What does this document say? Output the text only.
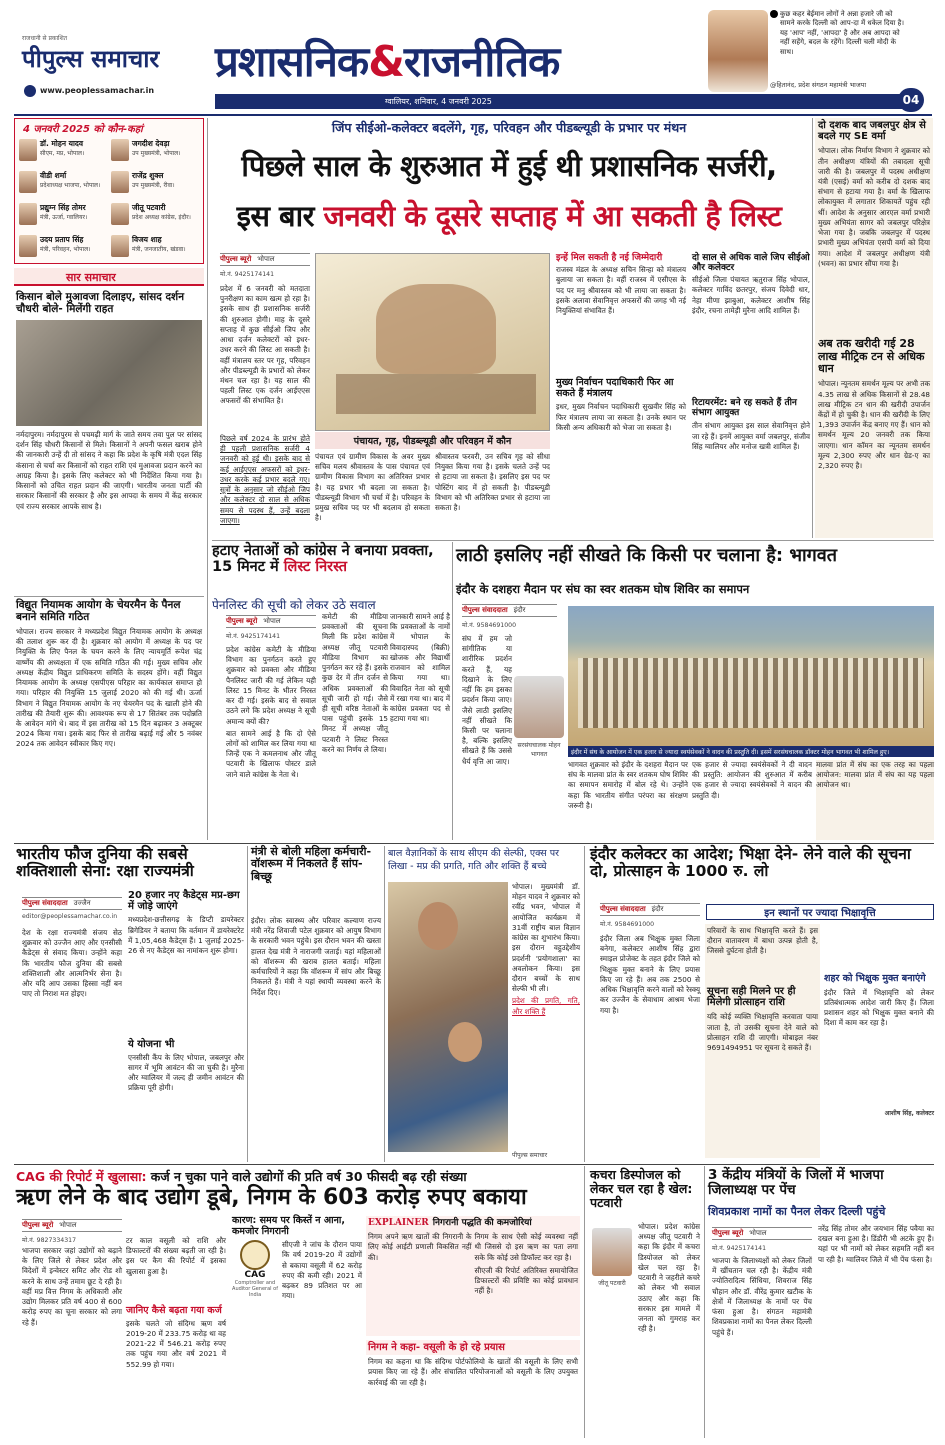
राजधानी से प्रकाशित
पीपुल्स समाचार
www.peoplessamachar.in
प्रशासनिक&राजनीतिक
ग्वालियर, शनिवार, 4 जनवरी 2025	04
कुछ कहर बेईमान लोगों ने अन्ना हजारे जी को सामने करके दिल्ली को आप-दा में धकेल दिया है। यह 'आप' नहीं, 'आपदा' है और अब आपदा को नहीं सहेंगे, बदल के रहेंगे। दिल्ली चली मोदी के साथ।
@हितानंद, प्रदेश संगठन महामंत्री भाजपा
4 जनवरी 2025 को कौन-कहां
डॉ. मोहन यादव
सीएम, मप्र, भोपाल।
जगदीश देवड़ा
उप मुख्यमंत्री, भोपाल।
वीडी शर्मा
प्रदेशाध्यक्ष भाजपा, भोपाल।
राजेंद्र शुक्ल
उप मुख्यमंत्री, रीवा।
प्रद्युम्न सिंह तोमर
मंत्री, ऊर्जा, ग्वालियर।
जीतू पटवारी
प्रदेश अध्यक्ष कांग्रेस, इंदौर।
उदय प्रताप सिंह
मंत्री, परिवहन, भोपाल।
विजय शाह
मंत्री, जनजातीय, खंडवा।
सार समाचार
किसान बोले मुआवजा दिलाइए, सांसद दर्शन चौधरी बोले- मिलेंगी राहत
नर्मदापुरम। नर्मदापुरम से पचमढ़ी मार्ग के जाते समय तवा पुल पर सांसद दर्शन सिंह चौधरी किसानों से मिले। किसानों ने अपनी फसल खराब होने की जानकारी उन्हें दी तो सांसद ने कहा कि प्रदेश के कृषि मंत्री एदल सिंह कंसाना से चर्चा कर किसानों को राहत राशि एवं मुआवजा प्रदान करने का आग्रह किया है। इसके लिए कलेक्टर को भी निर्देशित किया गया है। किसानों को उचित राहत प्रदान की जाएगी। भारतीय जनता पार्टी की सरकार किसानों की सरकार है और इस आपदा के समय में केंद्र सरकार एवं राज्य सरकार आपके साथ है।
विद्युत नियामक आयोग के चेयरमैन के पैनल बनाने समिति गठित
भोपाल। राज्य सरकार ने मध्यप्रदेश विद्युत नियामक आयोग के अध्यक्ष की तलाश शुरू कर दी है। शुक्रवार को आयोग में अध्यक्ष के पद पर नियुक्ति के लिए पैनल के चयन करने के लिए न्यायमूर्ति रूपेश चंद्र वार्ष्णेय की अध्यक्षता में एक समिति गठित की गई। मुख्य सचिव और अध्यक्ष केंद्रीय विद्युत प्राधिकरण समिति के सदस्य होंगे। वहीं विद्युत नियामक आयोग के अध्यक्ष एसपीएस परिहार का कार्यकाल समाप्त हो गया। परिहार की नियुक्ति 15 जुलाई 2020 को की गई थी। ऊर्जा विभाग ने विद्युत नियामक आयोग के नए चेयरमैन पद के खाली होने की तारीख की तैयारी शुरू की। आवश्यक रूप से 17 सितंबर तक पदोन्नति के आवेदन मांगे थे। बाद में इस तारीख को 15 दिन बढ़ाकर 3 अक्टूबर 2024 किया गया। इसके बाद फिर से तारीख बढ़ाई गई और 5 नवंबर 2024 तक आवेदन स्वीकार किए गए।
जिंप सीईओ-कलेक्टर बदलेंगे, गृह, परिवहन और पीडब्ल्यूडी के प्रभार पर मंथन
पिछले साल के शुरुआत में हुई थी प्रशासनिक सर्जरी,
इस बार जनवरी के दूसरे सप्ताह में आ सकती है लिस्ट
पीपुल्स ब्यूरो भोपाल
मो.नं. 9425174141
प्रदेश में 6 जनवरी को मतदाता पुनरीक्षण का काम खत्म हो रहा है। इसके साथ ही प्रशासनिक सर्जरी की शुरुआत होगी। माह के दूसरे सप्ताह में कुछ सीईओ जिप और आधा दर्जन कलेक्टरों को इधर-उधर करने की लिस्ट आ सकती है। वहीं मंत्रालय स्तर पर गृह, परिवहन और पीडब्ल्यूडी के प्रभारों को लेकर मंथन चल रहा है। यह साल की पहली लिस्ट एक दर्जन आईएएस अफसरों की संभावित है।
पिछले वर्ष 2024 के प्रारंभ होते ही पहली प्रशासनिक सर्जरी 4 जनवरी को हुई थी। इसके बाद से कई आईएएस अफसरों को इधर-उधर करके कई प्रभार बदले गए। सूत्रों के अनुसार जो सीईओ जिप और कलेक्टर दो साल से अधिक समय से पदस्थ हैं, उन्हें बदला जाएगा।
पंचायत, गृह, पीडब्ल्यूडी और परिवहन में कौन
पंचायत एवं ग्रामीण विकास के अवर मुख्य सचिव मलय श्रीवास्तव के पास पंचायत एवं ग्रामीण विकास विभाग का अतिरिक्त प्रभार है। यह प्रभार भी बदला जा सकता है। पीडब्ल्यूडी विभाग भी चर्चा में है। परिवहन के प्रमुख सचिव पद पर भी बदलाव हो सकता है।
श्रीवास्तव फरवरी, उन सचिव गृह को सीधा नियुक्त किया गया है। इसके चलते उन्हें पद से हटाया जा सकता है। इसलिए इस पद पर पोस्टिंग बाद में हो सकती है। पीडब्ल्यूडी विभाग को भी अतिरिक्त प्रभार से हटाया जा सकता है।
इन्हें मिल सकती है नई जिम्मेदारी
राजस्व मंडल के अध्यक्ष सचिन सिन्हा को मंत्रालय बुलाया जा सकता है। वहीं राजस्व में एसीएस के पद पर मनु श्रीवास्तव को भी लाया जा सकता है। इसके अलावा सेवानिवृत्त अफसरों की जगह भी नई नियुक्तियां संभावित हैं।
मुख्य निर्वाचन पदाधिकारी फिर आ सकते हैं मंत्रालय
इधर, मुख्य निर्वाचन पदाधिकारी सुखवीर सिंह को फिर मंत्रालय लाया जा सकता है। उनके स्थान पर किसी अन्य अधिकारी को भेजा जा सकता है।
दो साल से अधिक वाले जिप सीईओ और कलेक्टर
सीईओ जिला पंचायत ऋतुराज सिंह भोपाल, कलेक्टर गाविंद छतरपुर, संजय दिवेदी धार, नेहा मीणा झाबुआ, कलेक्टर आशीष सिंह इंदौर, रचना तामेड़ी मुरैना आदि शामिल हैं।
रिटायरमेंट: बने रह सकते हैं तीन संभाग आयुक्त
तीन संभाग आयुक्त इस साल सेवानिवृत्त होने जा रहे हैं। इनमें आयुक्त वर्मा जबलपुर, संजीव सिंह ग्वालियर और मनोज खत्री शामिल हैं।
दो दशक बाद जबलपुर क्षेत्र से बदले गए SE वर्मा
भोपाल। लोक निर्माण विभाग ने शुक्रवार को तीन अधीक्षण यंत्रियों की तबादला सूची जारी की है। जबलपुर में पदस्थ अधीक्षण यंत्री (एसई) वर्मा को करीब दो दशक बाद संभाग से हटाया गया है। वर्मा के खिलाफ लोकायुक्त में लगातार शिकायतें पहुंच रही थीं। आदेश के अनुसार आरएल वर्मा प्रभारी मुख्य अभियंता सागर को जबलपुर परिक्षेत्र भेजा गया है। जबकि जबलपुर में पदस्थ प्रभारी मुख्य अभियंता एसपी वर्मा को दिया गया। आदेश में जबलपुर अधीक्षण यंत्री (भवन) का प्रभार सौंपा गया है।
अब तक खरीदी गई 28 लाख मीट्रिक टन से अधिक धान
भोपाल। न्यूनतम समर्थन मूल्य पर अभी तक 4.35 लाख से अधिक किसानों से 28.48 लाख मीट्रिक टन धान की खरीदी उपार्जन केंद्रों में हो चुकी है। धान की खरीदी के लिए 1,393 उपार्जन केंद्र बनाए गए हैं। धान को समर्थन मूल्य 20 जनवरी तक किया जाएगा। धान कॉमन का न्यूनतम समर्थन मूल्य 2,300 रुपए और धान ग्रेड-ए का 2,320 रुपए है।
हटाए नेताओं को कांग्रेस ने बनाया प्रवक्ता, 15 मिनट में लिस्ट निरस्त
पेनलिस्ट की सूची को लेकर उठे सवाल
पीपुल्स ब्यूरो भोपाल
मो.नं. 9425174141

प्रदेश कांग्रेस कमेटी के मीडिया विभाग का पुनर्गठन करते हुए शुक्रवार को प्रवक्ता और मीडिया पैनलिस्ट जारी की गई लेकिन यही लिस्ट 15 मिनट के भीतर निरस्त कर दी गई। इसके बाद से सवाल उठने लगे कि प्रदेश अध्यक्ष ने सूची अमान्य क्यों की?

बात सामने आई है कि दो ऐसे लोगों को शामिल कर लिया गया था जिन्हें एक ने कमलनाथ और जीतू पटवारी के खिलाफ पोस्टर डाले जाने वाले कांग्रेस के नेता थे।

कमेटी की मीडिया प्रवक्ताओं की सूचना मिली कि प्रदेश कांग्रेस अध्यक्ष जीतू पटवारी मीडिया विभाग का पुनर्गठन कर रहे हैं। इसके कुछ देर में तीन दर्जन से अधिक प्रवक्ताओं की सूची जारी हो गई। जैसे ही सूची वरिष्ठ नेताओं के पास पहुंची इसके 15 मिनट में अध्यक्ष जीतू पटवारी ने लिस्ट निरस्त करने का निर्णय ले लिया।
जानकारी सामने आई है कि प्रवक्ताओं के नामों में भोपाल के विवादास्पद (बिक्री) खोजक और विद्यार्थी राजवान को शामिल किया गया था। विवादित नेता को सूची में रखा गया था। बाद में कांग्रेस प्रवक्ता पद से हटाया गया था।
लाठी इसलिए नहीं सीखते कि किसी पर चलाना है: भागवत
इंदौर के दशहरा मैदान पर संघ का स्वर शतकम घोष शिविर का समापन
पीपुल्स संवाददाता इंदौर
मो.नं. 9584691000
संघ में हम जो सांगीतिक या शारीरिक प्रदर्शन करते हैं, यह दिखाने के लिए नहीं कि हम इसका प्रदर्शन किया जाए। जैसे लाठी इसलिए नहीं सीखते कि किसी पर चलाना है, बल्कि इसलिए सीखते हैं कि उससे धैर्य वृत्ति आ जाए।
सरसंघचालक मोहन भागवत	इंदौर में संघ के आयोजन में एक हजार से ज्यादा स्वयंसेवकों ने वादन की प्रस्तुति दी। इसमें सरसंघचालक डॉक्टर मोहन भागवत भी शामिल हुए।
भागवत शुक्रवार को इंदौर के दशहरा मैदान पर संघ के मालवा प्रांत के स्वर शतकम घोष शिविर का समापन समारोह में बोल रहे थे। उन्होंने कहा कि भारतीय संगीत परंपरा का संरक्षण जरूरी है।
एक हजार से ज्यादा स्वयंसेवकों ने दी वादन की प्रस्तुति: आयोजन की शुरुआत में करीब एक हजार से ज्यादा स्वयंसेवकों ने वादन की प्रस्तुति दी।
मालवा प्रांत में संघ का एक तरह का पहला आयोजन: मालवा प्रांत में संघ का यह पहला आयोजन था।
भारतीय फौज दुनिया की सबसे शक्तिशाली सेना: रक्षा राज्यमंत्री
पीपुल्स संवाददाता उज्जैन
editor@peoplessamachar.co.in
देश के रक्षा राज्यमंत्री संजय सेठ शुक्रवार को उज्जैन आए और एनसीसी कैडेट्स से संवाद किया। उन्होंने कहा कि भारतीय फौज दुनिया की सबसे शक्तिशाली और आत्मनिर्भर सेना है। और यदि आप उसका हिस्सा नहीं बन पाए तो निराश मत होइए।
20 हजार नए कैडेट्स मप्र-छग में जोड़े जाएंगे
मध्यप्रदेश-छत्तीसगढ़ के डिप्टी डायरेक्टर ब्रिगेडियर ने बताया कि वर्तमान में डायरेक्टरेट में 1,05,468 कैडेट्स हैं। 1 जुलाई 2025-26 से नए कैडेट्स का नामांकन शुरू होगा।
ये योजना भी
एनसीसी कैंप के लिए भोपाल, जबलपुर और सागर में भूमि आवंटन की जा चुकी है। मुरैना और ग्वालियर में जल्द ही जमीन आवंटन की प्रक्रिया पूरी होगी।
मंत्री से बोली महिला कर्मचारी- वॉशरूम में निकलते हैं सांप-बिच्छू
इंदौर। लोक स्वास्थ्य और परिवार कल्याण राज्य मंत्री नरेंद्र शिवाजी पटेल शुक्रवार को आयुष विभाग के सरकारी भवन पहुंचे। इस दौरान भवन की खस्ता हालत देख मंत्री ने नाराजगी जताई। यहां महिलाओं को वॉशरूम की खराब हालत बताई। महिला कर्मचारियों ने कहा कि वॉशरूम में सांप और बिच्छू निकलते हैं। मंत्री ने यहां स्थायी व्यवस्था करने के निर्देश दिए।
बाल वैज्ञानिकों के साथ सीएम की सेल्फी, एक्स पर लिखा - मप्र की प्रगति, गति और शक्ति हैं बच्चे

भोपाल। मुख्यमंत्री डॉ. मोहन यादव ने शुक्रवार को रवींद्र भवन, भोपाल में आयोजित कार्यक्रम में 31वीं राष्ट्रीय बाल विज्ञान कांग्रेस का शुभारंभ किया। इस दौरान वहुउद्देशीय प्रदर्शनी 'प्रयोगशाला' का अवलोकन किया। इस दौरान बच्चों के साथ सेल्फी भी ली।

प्रदेश की प्रगति, गति, और शक्ति हैं

पीपुल्स समाचार
इंदौर कलेक्टर का आदेश; भिक्षा देने- लेने वाले की सूचना दो, प्रोत्साहन के 1000 रु. लो
पीपुल्स संवाददाता इंदौर
मो.नं. 9584691000
इन स्थानों पर ज्यादा भिक्षावृत्ति
इंदौर जिला अब भिक्षुक मुक्त जिला बनेगा, कलेक्टर आशीष सिंह द्वारा स्माइल प्रोजेक्ट के तहत इंदौर जिले को भिक्षुक मुक्त बनाने के लिए प्रयास किए जा रहे हैं। अब तक 2500 से अधिक भिक्षावृत्ति करने वालों को रेस्क्यू कर उज्जैन के सेवाधाम आश्रम भेजा गया है।
परिवारों के साथ भिक्षावृत्ति करते हैं। इस दौरान वातावरण में बाधा उत्पन्न होती है, जिससे दुर्घटना होती है।
सूचना सही मिलने पर ही मिलेगी प्रोत्साहन राशि
यदि कोई व्यक्ति भिक्षावृत्ति करवाता पाया जाता है, तो उसकी सूचना देने वाले को प्रोत्साहन राशि दी जाएगी। मोबाइल नंबर 9691494951 पर सूचना दे सकते हैं।
शहर को भिक्षुक मुक्त बनाएंगे
इंदौर जिले में भिक्षावृत्ति को लेकर प्रतिबंधात्मक आदेश जारी किए हैं। जिला प्रशासन शहर को भिक्षुक मुक्त बनाने की दिशा में काम कर रहा है।
आशीष सिंह, कलेक्टर
CAG की रिपोर्ट में खुलासा: कर्ज न चुका पाने वाले उद्योगों की प्रति वर्ष 30 फीसदी बढ़ रही संख्या
ऋण लेने के बाद उद्योग डूबे, निगम के 603 करोड़ रुपए बकाया
पीपुल्स ब्यूरो भोपाल
मो.नं. 9827334317
भाजपा सरकार जहां उद्योगों को बढ़ाने के लिए जिले से लेकर प्रदेश और विदेशों में इन्वेस्टर समिट और रोड शो करने के साथ उन्हें तमाम छूट दे रही है। वहीं मप्र वित्त निगम के अधिकारी और उद्योग मिलकर प्रति वर्ष 400 से 600 करोड़ रुपए का चूना सरकार को लगा रहे हैं।
टर काल वसूली को राशि और डिफाल्टरों की संख्या बढ़ती जा रही है। इस पर कैग की रिपोर्ट में इसका खुलासा हुआ है।
जानिए कैसे बढ़ता गया कर्ज
इसके चलते जो संदिग्ध ऋण वर्ष 2019-20 में 233.75 करोड़ था वह 2021-22 में 546.21 करोड़ रुपए तक पहुंच गया और वर्ष 2021 में 552.99 हो गया।
कारण: समय पर किस्तें न आना, कमजोर निगरानी
CAG
Comptroller and Auditor General of India
सीएजी ने जांच के दौरान पाया कि वर्ष 2019-20 में उद्योगों से बकाया वसूली में 62 करोड़ रुपए की कमी रही। 2021 में बढ़कर 89 प्रतिशत पर आ गया।
EXPLAINER निगरानी पद्धति की कमजोरियां
निगम अपने ऋण खातों की निगरानी के लिए कोई आईटी प्रणाली विकसित नहीं की।
निगम के साथ ऐसी कोई व्यवस्था नहीं थी जिससे दो इस ऋण का पता लगा सके कि कोई उसे डिफॉल्ट कर रहा है।
सीएजी की रिपोर्ट अतिरिक्त समायोजित डिफाल्टरों की प्रविष्टि का कोई प्रावधान नहीं है।
निगम ने कहा- वसूली के हो रहे प्रयास
निगम का कहना था कि संदिग्ध पोर्टफोलियो के खातों की वसूली के लिए सभी प्रयास किए जा रहे हैं। और संचालित परियोजनाओं को वसूली के लिए उपयुक्त कार्रवाई की जा रही है।
कचरा डिस्पोजल को लेकर चल रहा है खेल: पटवारी
जीतू पटवारी
भोपाल। प्रदेश कांग्रेस अध्यक्ष जीतू पटवारी ने कहा कि इंदौर में कचरा डिस्पोजल को लेकर खेल चल रहा है। पटवारी ने जहरीले कचरे को लेकर भी सवाल उठाए और कहा कि सरकार इस मामले में जनता को गुमराह कर रही है।
3 केंद्रीय मंत्रियों के जिलों में भाजपा जिलाध्यक्ष पर पेंच
शिवप्रकाश नामों का पैनल लेकर दिल्ली पहुंचे
पीपुल्स ब्यूरो भोपाल
मो.नं. 9425174141
भाजपा के जिलाध्यक्षों को लेकर जिलों में खींचतान चल रही है। केंद्रीय मंत्री ज्योतिरादित्य सिंधिया, शिवराज सिंह चौहान और डॉ. वीरेंद्र कुमार खटीक के क्षेत्रों में जिलाध्यक्ष के नामों पर पेंच फंसा हुआ है। संगठन महामंत्री शिवप्रकाश नामों का पैनल लेकर दिल्ली पहुंचे हैं।
नरेंद्र सिंह तोमर और जयभान सिंह पवैया का दखल बना हुआ है। डिंडौरी भी अटके हुए हैं। यहां पर भी नामों को लेकर सहमति नहीं बन पा रही है। ग्वालियर जिले में भी पेंच फंसा है।
